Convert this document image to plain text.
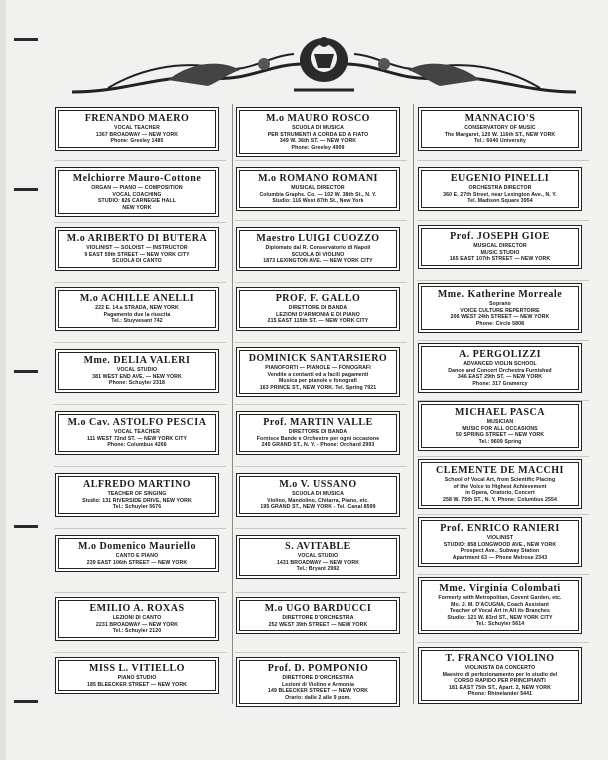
FRENANDO MAERO
VOCAL TEACHER
1367 BROADWAY — NEW YORK
Phone: Greeley 1485
Melchiorre Mauro-Cottone
ORGAN — PIANO — COMPOSITION
VOCAL COACHING
STUDIO: 826 CARNEGIE HALL
NEW YORK
M.o ARIBERTO DI BUTERA
VIOLINIST — SOLOIST — INSTRUCTOR
9 EAST 59th STREET — NEW YORK CITY
SCUOLA DI CANTO
M.o ACHILLE ANELLI
222 E. 14.a STRADA, NEW YORK
Pagamento due la riuscita
Tel.: Stuyvesant 742
Mme. DELIA VALERI
VOCAL STUDIO
381 WEST END AVE. — NEW YORK
Phone: Schuyler 2318
M.o Cav. ASTOLFO PESCIA
VOCAL TEACHER
111 WEST 72nd ST. — NEW YORK CITY
Phone: Columbus 4266
ALFREDO MARTINO
TEACHER OF SINGING
Studio: 131 RIVERSIDE DRIVE, NEW YORK
Tel.: Schuyler 5676
M.o Domenico Mauriello
CANTO E PIANO
239 EAST 106th STREET — NEW YORK
EMILIO A. ROXAS
LEZIONI DI CANTO
2231 BROADWAY — NEW YORK
Tel.: Schuyler 2120
MISS L. VITIELLO
PIANO STUDIO
185 BLEECKER STREET — NEW YORK
M.o MAURO ROSCO
SCUOLA DI MUSICA
PER STRUMENTI A CORDA ED A FIATO
349 W. 36th ST. — NEW YORK
Phone: Greeley 4909
M.o ROMANO ROMANI
MUSICAL DIRECTOR
Columbia Graphs. Co. — 102 W. 38th St., N. Y.
Studio: 116 West 87th St., New York
Maestro LUIGI CUOZZO
Diplomato dal R. Conservatorio di Napoli
SCUOLA DI VIOLINO
1873 LEXINGTON AVE. — NEW YORK CITY
PROF. F. GALLO
DIRETTORE DI BANDA
LEZIONI D'ARMONIA E DI PIANO
215 EAST 115th ST. — NEW YORK CITY
DOMINICK SANTARSIERO
PIANOFORTI — PIANOLE — FONOGRAFI
Vendite a contanti ed a facili pagamenti
Musica per pianole e fonografi
163 PRINCE ST., NEW YORK. Tel. Spring 7921
Prof. MARTIN VALLE
DIRETTORE DI BANDA
Fornisce Bande e Orchestre per ogni occasione
245 GRAND ST., N. Y. - Phone: Orchard 2993
M.o V. USSANO
SCUOLA DI MUSICA
Violino, Mandolino, Chitarra, Piano, etc.
195 GRAND ST., NEW YORK - Tel. Canal 8599
S. AVITABLE
VOCAL STUDIO
1431 BROADWAY — NEW YORK
Tel.: Bryant 2992
M.o UGO BARDUCCI
DIRETTORE D'ORCHESTRA
252 WEST 39th STREET — NEW YORK
Prof. D. POMPONIO
DIRETTORE D'ORCHESTRA
Lezioni di Violino e Armonia
149 BLEECKER STREET — NEW YORK
Orario: dalle 2 alle 9 pom.
MANNACIO'S
CONSERVATORY OF MUSIC
The Margaret, 120 W. 116th ST., NEW YORK
Tel.: 6040 University
EUGENIO PINELLI
ORCHESTRA DIRECTOR
360 E. 27th Street, near Lexington Ave., N. Y.
Tel. Madison Square 3954
Prof. JOSEPH GIOE
MUSICAL DIRECTOR
MUSIC STUDIO
165 EAST 107th STREET — NEW YORK
Mme. Katherine Morreale
Soprano
VOICE CULTURE REPERTOIRE
206 WEST 24th STREET — NEW YORK
Phone: Circle 5808
A. PERGOLIZZI
ADVANCED VIOLIN SCHOOL
Dance and Concert Orchestra Furnished
346 EAST 29th ST. — NEW YORK
Phone: 317 Gramercy
MICHAEL PASCA
MUSICIAN
MUSIC FOR ALL OCCASIONS
50 SPRING STREET — NEW YORK
Tel.: 9609 Spring
CLEMENTE DE MACCHI
School of Vocal Art, from Scientific Placing
of the Voice to Highest Achievement
in Opera, Oratorio, Concert
258 W. 75th ST., N. Y. Phone: Columbus 2554
Prof. ENRICO RANIERI
VIOLINIST
STUDIO: 858 LONGWOOD AVE., NEW YORK
Prospect Ave., Subway Station
Apartment 63 — Phone Melrose 2343
Mme. Virginia Colombati
Formerly with Metropolitan, Covent Garden, etc.
Mo. J. M. D'ACUGNA, Coach Assistant
Teacher of Vocal Art in All its Branches
Studio: 121 W. 83rd ST., NEW YORK CITY
Tel.: Schuyler 5614
T. FRANCO VIOLINO
VIOLINISTA DA CONCERTO
Maestro di perfezionamento per lo studio del
CORSO RAPIDO PER PRINCIPIANTI
181 EAST 75th ST., Apart. 2, NEW YORK
Phone: Rhinelander 5441
